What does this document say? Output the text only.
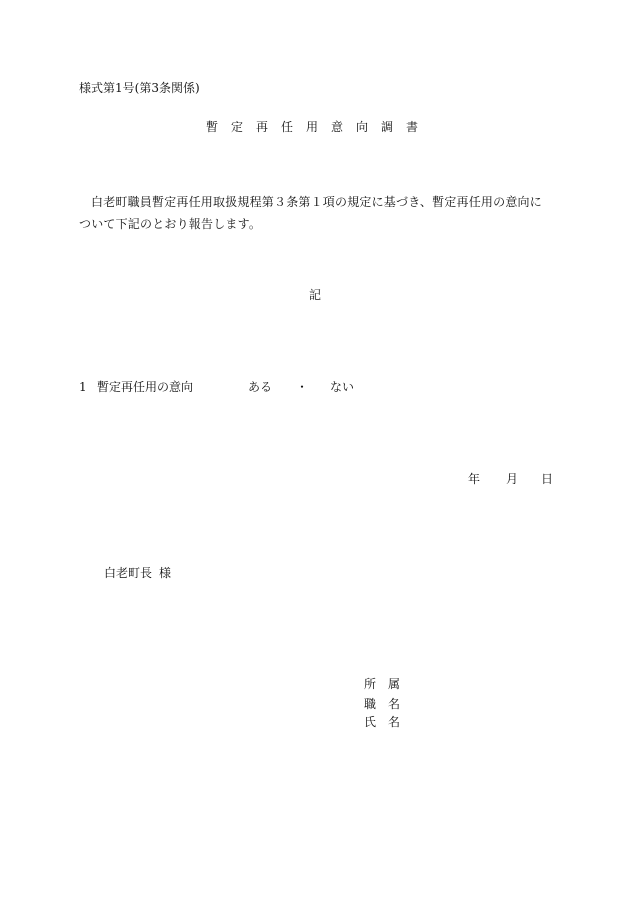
様式第1号(第3条関係)
暫定再任用意向調書
白老町職員暫定再任用取扱規程第３条第１項の規定に基づき、暫定再任用の意向について下記のとおり報告します。
記
1 暫定再任用の意向	ある ・ ない
年 月 日
白老町長 様
所属
職名
氏名
